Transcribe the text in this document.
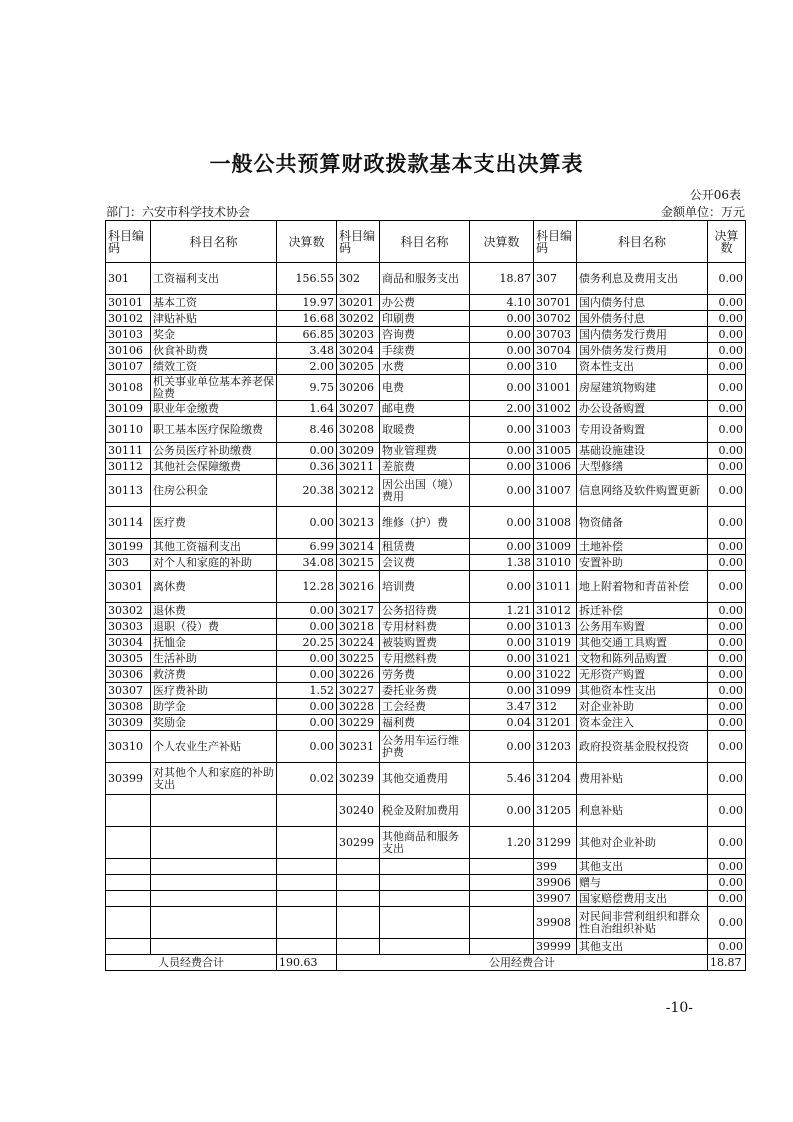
一般公共预算财政拨款基本支出决算表
公开06表
部门：六安市科学技术协会	金额单位：万元
科目编码	科目名称	决算数	科目编码	科目名称	决算数	科目编码	科目名称	决算数
301	工资福利支出	156.55	302	商品和服务支出	18.87	307	债务利息及费用支出	0.00
30101	基本工资	19.97	30201	办公费	4.10	30701	国内债务付息	0.00
30102	津贴补贴	16.68	30202	印刷费	0.00	30702	国外债务付息	0.00
30103	奖金	66.85	30203	咨询费	0.00	30703	国内债务发行费用	0.00
30106	伙食补助费	3.48	30204	手续费	0.00	30704	国外债务发行费用	0.00
30107	绩效工资	2.00	30205	水费	0.00	310	资本性支出	0.00
30108	机关事业单位基本养老保险费	9.75	30206	电费	0.00	31001	房屋建筑物购建	0.00
30109	职业年金缴费	1.64	30207	邮电费	2.00	31002	办公设备购置	0.00
30110	职工基本医疗保险缴费	8.46	30208	取暖费	0.00	31003	专用设备购置	0.00
30111	公务员医疗补助缴费	0.00	30209	物业管理费	0.00	31005	基础设施建设	0.00
30112	其他社会保障缴费	0.36	30211	差旅费	0.00	31006	大型修缮	0.00
30113	住房公积金	20.38	30212	因公出国（境）费用	0.00	31007	信息网络及软件购置更新	0.00
30114	医疗费	0.00	30213	维修（护）费	0.00	31008	物资储备	0.00
30199	其他工资福利支出	6.99	30214	租赁费	0.00	31009	土地补偿	0.00
303	对个人和家庭的补助	34.08	30215	会议费	1.38	31010	安置补助	0.00
30301	离休费	12.28	30216	培训费	0.00	31011	地上附着物和青苗补偿	0.00
30302	退休费	0.00	30217	公务招待费	1.21	31012	拆迁补偿	0.00
30303	退职（役）费	0.00	30218	专用材料费	0.00	31013	公务用车购置	0.00
30304	抚恤金	20.25	30224	被装购置费	0.00	31019	其他交通工具购置	0.00
30305	生活补助	0.00	30225	专用燃料费	0.00	31021	文物和陈列品购置	0.00
30306	救济费	0.00	30226	劳务费	0.00	31022	无形资产购置	0.00
30307	医疗费补助	1.52	30227	委托业务费	0.00	31099	其他资本性支出	0.00
30308	助学金	0.00	30228	工会经费	3.47	312	对企业补助	0.00
30309	奖励金	0.00	30229	福利费	0.04	31201	资本金注入	0.00
30310	个人农业生产补贴	0.00	30231	公务用车运行维护费	0.00	31203	政府投资基金股权投资	0.00
30399	对其他个人和家庭的补助支出	0.02	30239	其他交通费用	5.46	31204	费用补贴	0.00
			30240	税金及附加费用	0.00	31205	利息补贴	0.00
			30299	其他商品和服务支出	1.20	31299	其他对企业补助	0.00
						399	其他支出	0.00
						39906	赠与	0.00
						39907	国家赔偿费用支出	0.00
						39908	对民间非营利组织和群众性自治组织补贴	0.00
						39999	其他支出	0.00
人员经费合计		190.63	公用经费合计					18.87
-10-
